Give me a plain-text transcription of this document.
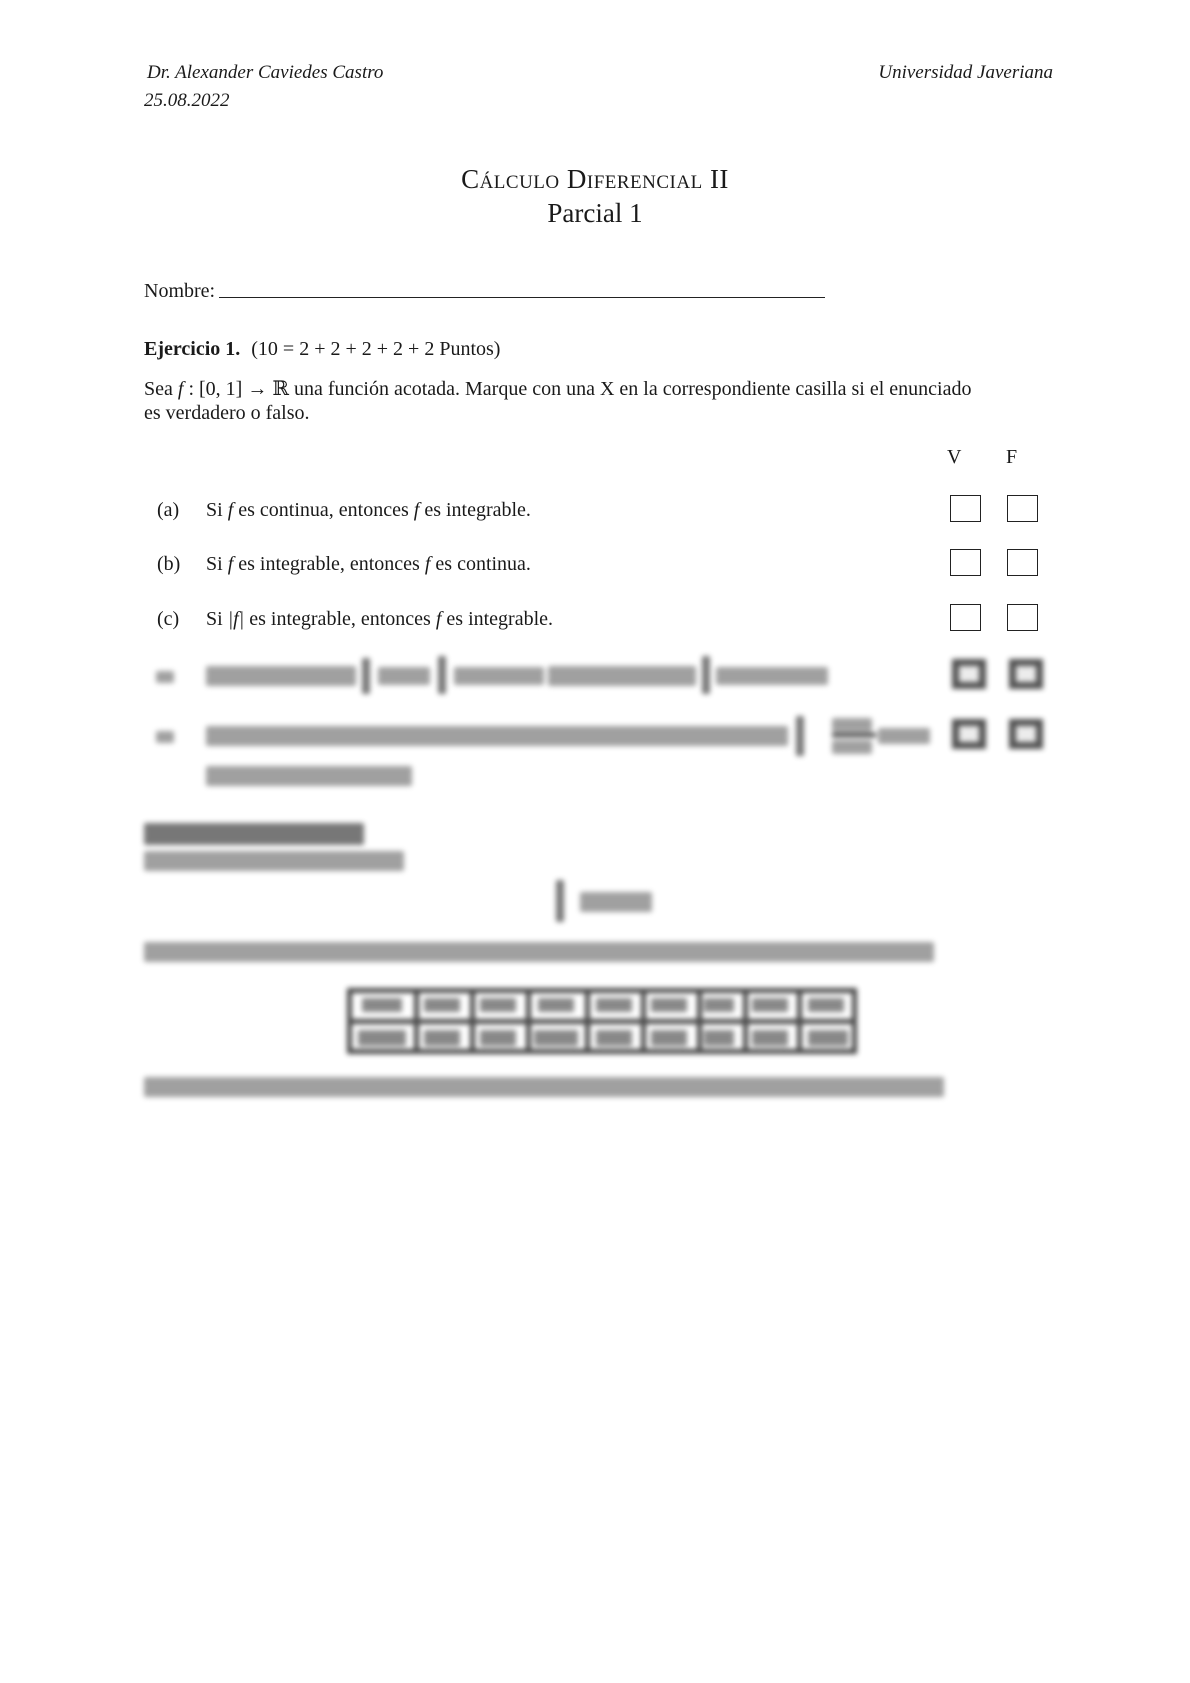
Dr. Alexander Caviedes Castro
25.08.2022
Universidad Javeriana
Cálculo Diferencial II
Parcial 1
Nombre:
Ejercicio 1. (10 = 2 + 2 + 2 + 2 + 2 Puntos)
Sea f : [0, 1] → ℝ una función acotada. Marque con una X en la correspondiente casilla si el enunciado
es verdadero o falso.
V F
(a) Si f es continua, entonces f es integrable.
(b) Si f es integrable, entonces f es continua.
(c) Si |f| es integrable, entonces f es integrable.
